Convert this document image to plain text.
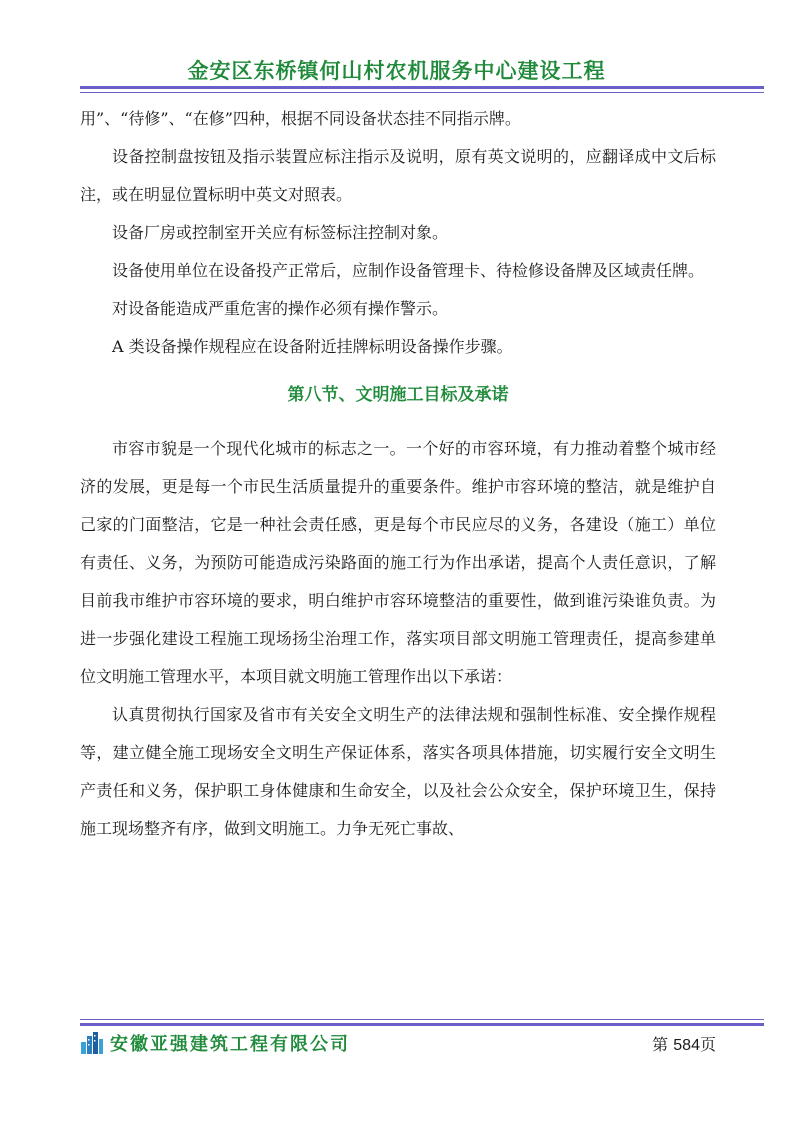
金安区东桥镇何山村农机服务中心建设工程

用”、“待修”、“在修”四种，根据不同设备状态挂不同指示牌。

设备控制盘按钮及指示装置应标注指示及说明，原有英文说明的，应翻译成中文后标注，或在明显位置标明中英文对照表。

设备厂房或控制室开关应有标签标注控制对象。

设备使用单位在设备投产正常后，应制作设备管理卡、待检修设备牌及区域责任牌。

对设备能造成严重危害的操作必须有操作警示。

A 类设备操作规程应在设备附近挂牌标明设备操作步骤。

第八节、文明施工目标及承诺

市容市貌是一个现代化城市的标志之一。一个好的市容环境，有力推动着整个城市经济的发展，更是每一个市民生活质量提升的重要条件。维护市容环境的整洁，就是维护自己家的门面整洁，它是一种社会责任感，更是每个市民应尽的义务，各建设（施工）单位有责任、义务，为预防可能造成污染路面的施工行为作出承诺，提高个人责任意识，了解目前我市维护市容环境的要求，明白维护市容环境整洁的重要性，做到谁污染谁负责。为进一步强化建设工程施工现场扬尘治理工作，落实项目部文明施工管理责任，提高参建单位文明施工管理水平，本项目就文明施工管理作出以下承诺：

认真贯彻执行国家及省市有关安全文明生产的法律法规和强制性标准、安全操作规程等，建立健全施工现场安全文明生产保证体系，落实各项具体措施，切实履行安全文明生产责任和义务，保护职工身体健康和生命安全，以及社会公众安全，保护环境卫生，保持施工现场整齐有序，做到文明施工。力争无死亡事故、

安徽亚强建筑工程有限公司	第 584页
